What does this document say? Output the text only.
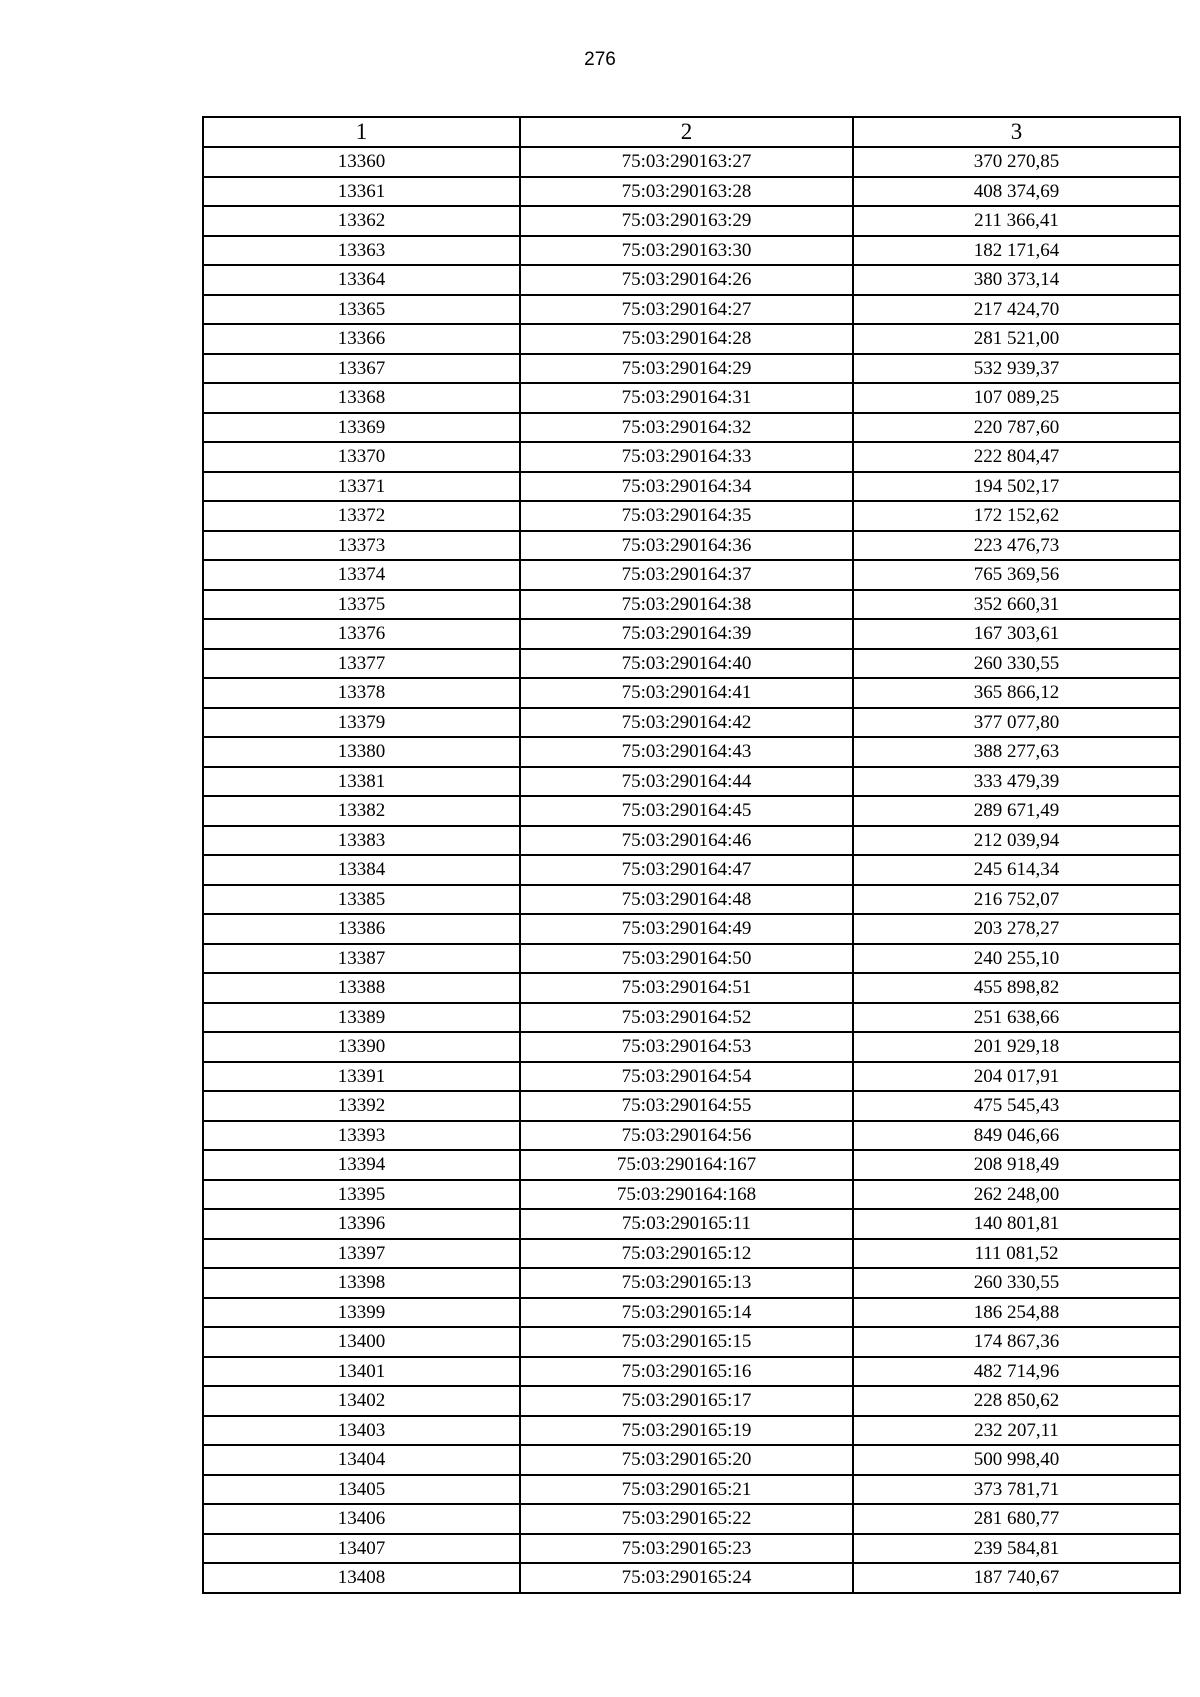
276
1	2	3
13360	75:03:290163:27	370 270,85
13361	75:03:290163:28	408 374,69
13362	75:03:290163:29	211 366,41
13363	75:03:290163:30	182 171,64
13364	75:03:290164:26	380 373,14
13365	75:03:290164:27	217 424,70
13366	75:03:290164:28	281 521,00
13367	75:03:290164:29	532 939,37
13368	75:03:290164:31	107 089,25
13369	75:03:290164:32	220 787,60
13370	75:03:290164:33	222 804,47
13371	75:03:290164:34	194 502,17
13372	75:03:290164:35	172 152,62
13373	75:03:290164:36	223 476,73
13374	75:03:290164:37	765 369,56
13375	75:03:290164:38	352 660,31
13376	75:03:290164:39	167 303,61
13377	75:03:290164:40	260 330,55
13378	75:03:290164:41	365 866,12
13379	75:03:290164:42	377 077,80
13380	75:03:290164:43	388 277,63
13381	75:03:290164:44	333 479,39
13382	75:03:290164:45	289 671,49
13383	75:03:290164:46	212 039,94
13384	75:03:290164:47	245 614,34
13385	75:03:290164:48	216 752,07
13386	75:03:290164:49	203 278,27
13387	75:03:290164:50	240 255,10
13388	75:03:290164:51	455 898,82
13389	75:03:290164:52	251 638,66
13390	75:03:290164:53	201 929,18
13391	75:03:290164:54	204 017,91
13392	75:03:290164:55	475 545,43
13393	75:03:290164:56	849 046,66
13394	75:03:290164:167	208 918,49
13395	75:03:290164:168	262 248,00
13396	75:03:290165:11	140 801,81
13397	75:03:290165:12	111 081,52
13398	75:03:290165:13	260 330,55
13399	75:03:290165:14	186 254,88
13400	75:03:290165:15	174 867,36
13401	75:03:290165:16	482 714,96
13402	75:03:290165:17	228 850,62
13403	75:03:290165:19	232 207,11
13404	75:03:290165:20	500 998,40
13405	75:03:290165:21	373 781,71
13406	75:03:290165:22	281 680,77
13407	75:03:290165:23	239 584,81
13408	75:03:290165:24	187 740,67
